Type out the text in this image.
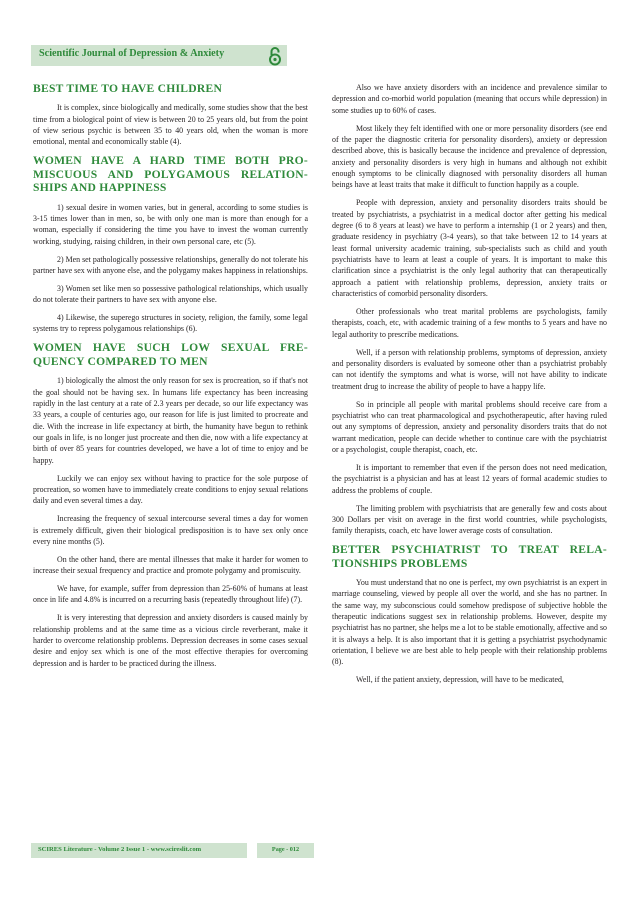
Scientific Journal of Depression & Anxiety
BEST TIME TO HAVE CHILDREN

It is complex, since biologically and medically, some studies show that the best time from a biological point of view is between 20 to 25 years old, but from the point of view serious psychic is between 35 to 40 years old, when the woman is more emotional, mental and economically stable (4).

WOMEN HAVE A HARD TIME BOTH PRO-MISCUOUS AND POLYGAMOUS RELATION-SHIPS AND HAPPINESS

1) sexual desire in women varies, but in general, according to some studies is 3-15 times lower than in men, so, be with only one man is more than enough for a woman, especially if considering the time you have to invest the woman currently working, studying, raising children, in their own personal care, etc (5).

2) Men set pathologically possessive relationships, generally do not tolerate his partner have sex with anyone else, and the polygamy makes happiness in relationships.

3) Women set like men so possessive pathological relationships, which usually do not tolerate their partners to have sex with anyone else.

4) Likewise, the superego structures in society, religion, the family, some legal systems try to repress polygamous relationships (6).

WOMEN HAVE SUCH LOW SEXUAL FRE-QUENCY COMPARED TO MEN

1) biologically the almost the only reason for sex is procreation, so if that's not the goal should not be having sex. In humans life expectancy has been increasing rapidly in the last century at a rate of 2.3 years per decade, so our life expectancy was 33 years, a couple of centuries ago, our reason for life is just limited to procreate and die. With the increase in life expectancy at birth, the humanity have begun to rethink our goals in life, is no longer just procreate and then die, now with a life expectancy at birth of over 85 years for countries developed, we have a lot of time to enjoy and be happy.

Luckily we can enjoy sex without having to practice for the sole purpose of procreation, so women have to immediately create conditions to enjoy sexual relations daily and even several times a day.

Increasing the frequency of sexual intercourse several times a day for women is extremely difficult, given their biological predisposition is to have sex only once every nine months (5).

On the other hand, there are mental illnesses that make it harder for women to increase their sexual frequency and practice and promote polygamy and promiscuity.

We have, for example, suffer from depression than 25-60% of humans at least once in life and 4.8% is incurred on a recurring basis (repeatedly throughout life) (7).

It is very interesting that depression and anxiety disorders is caused mainly by relationship problems and at the same time as a vicious circle reverberant, make it harder to overcome relationship problems. Depression decreases in some cases sexual desire and enjoy sex which is one of the most effective therapies for overcoming depression and is harder to be practiced during the illness.

Also we have anxiety disorders with an incidence and prevalence similar to depression and co-morbid world population (meaning that occurs while depression) in some studies up to 60% of cases.

Most likely they felt identified with one or more personality disorders (see end of the paper the diagnostic criteria for personality disorders), anxiety or depression described above, this is basically because the incidence and prevalence of depression, anxiety and personality disorders is very high in humans and although not exhibit enough symptoms to be clinically diagnosed with personality disorders all human beings have at least traits that make it difficult to function happily as a couple.

People with depression, anxiety and personality disorders traits should be treated by psychiatrists, a psychiatrist in a medical doctor after getting his medical degree (6 to 8 years at least) we have to perform a internship (1 or 2 years) and then, graduate residency in psychiatry (3-4 years), so that take between 12 to 14 years at least formal university academic training, sub-specialists such as child and youth psychiatrists have to learn at least a couple of years. It is important to make this clarification since a psychiatrist is the only legal authority that can therapeutically approach a patient with relationship problems, depression, anxiety traits or characteristics of comorbid personality disorders.

Other professionals who treat marital problems are psychologists, family therapists, coach, etc, with academic training of a few months to 5 years and have no legal authority to prescribe medications.

Well, if a person with relationship problems, symptoms of depression, anxiety and personality disorders is evaluated by someone other than a psychiatrist probably can not identify the symptoms and what is worse, will not have ability to indicate treatment drug to increase the ability of people to have a happy life.

So in principle all people with marital problems should receive care from a psychiatrist who can treat pharmacological and psychotherapeutic, after having ruled out any symptoms of depression, anxiety and personality disorders traits that do not warrant medication, people can decide whether to continue care with the psychiatrist or a psychologist, couple therapist, coach, etc.

It is important to remember that even if the person does not need medication, the psychiatrist is a physician and has at least 12 years of formal academic studies to address the problems of couple.

The limiting problem with psychiatrists that are generally few and costs about 300 Dollars per visit on average in the first world countries, while psychologists, family therapists, coach, etc have lower average costs of consultation.

BETTER PSYCHIATRIST TO TREAT RELA-TIONSHIPS PROBLEMS

You must understand that no one is perfect, my own psychiatrist is an expert in marriage counseling, viewed by people all over the world, and she has no partner. In the same way, my subconscious could somehow predispose of subjective hobble the therapeutic indications suggest sex in relationship problems. However, despite my psychiatrist has no partner, she helps me a lot to be stable emotionally, affective and so it is always a help. It is also important that it is getting a psychiatrist psychodynamic orientation, I believe we are best able to help people with their relationship problems (8).

Well, if the patient anxiety, depression, will have to be medicated,

SCIRES Literature - Volume 2 Issue 1 - www.scireslit.com	Page - 012
